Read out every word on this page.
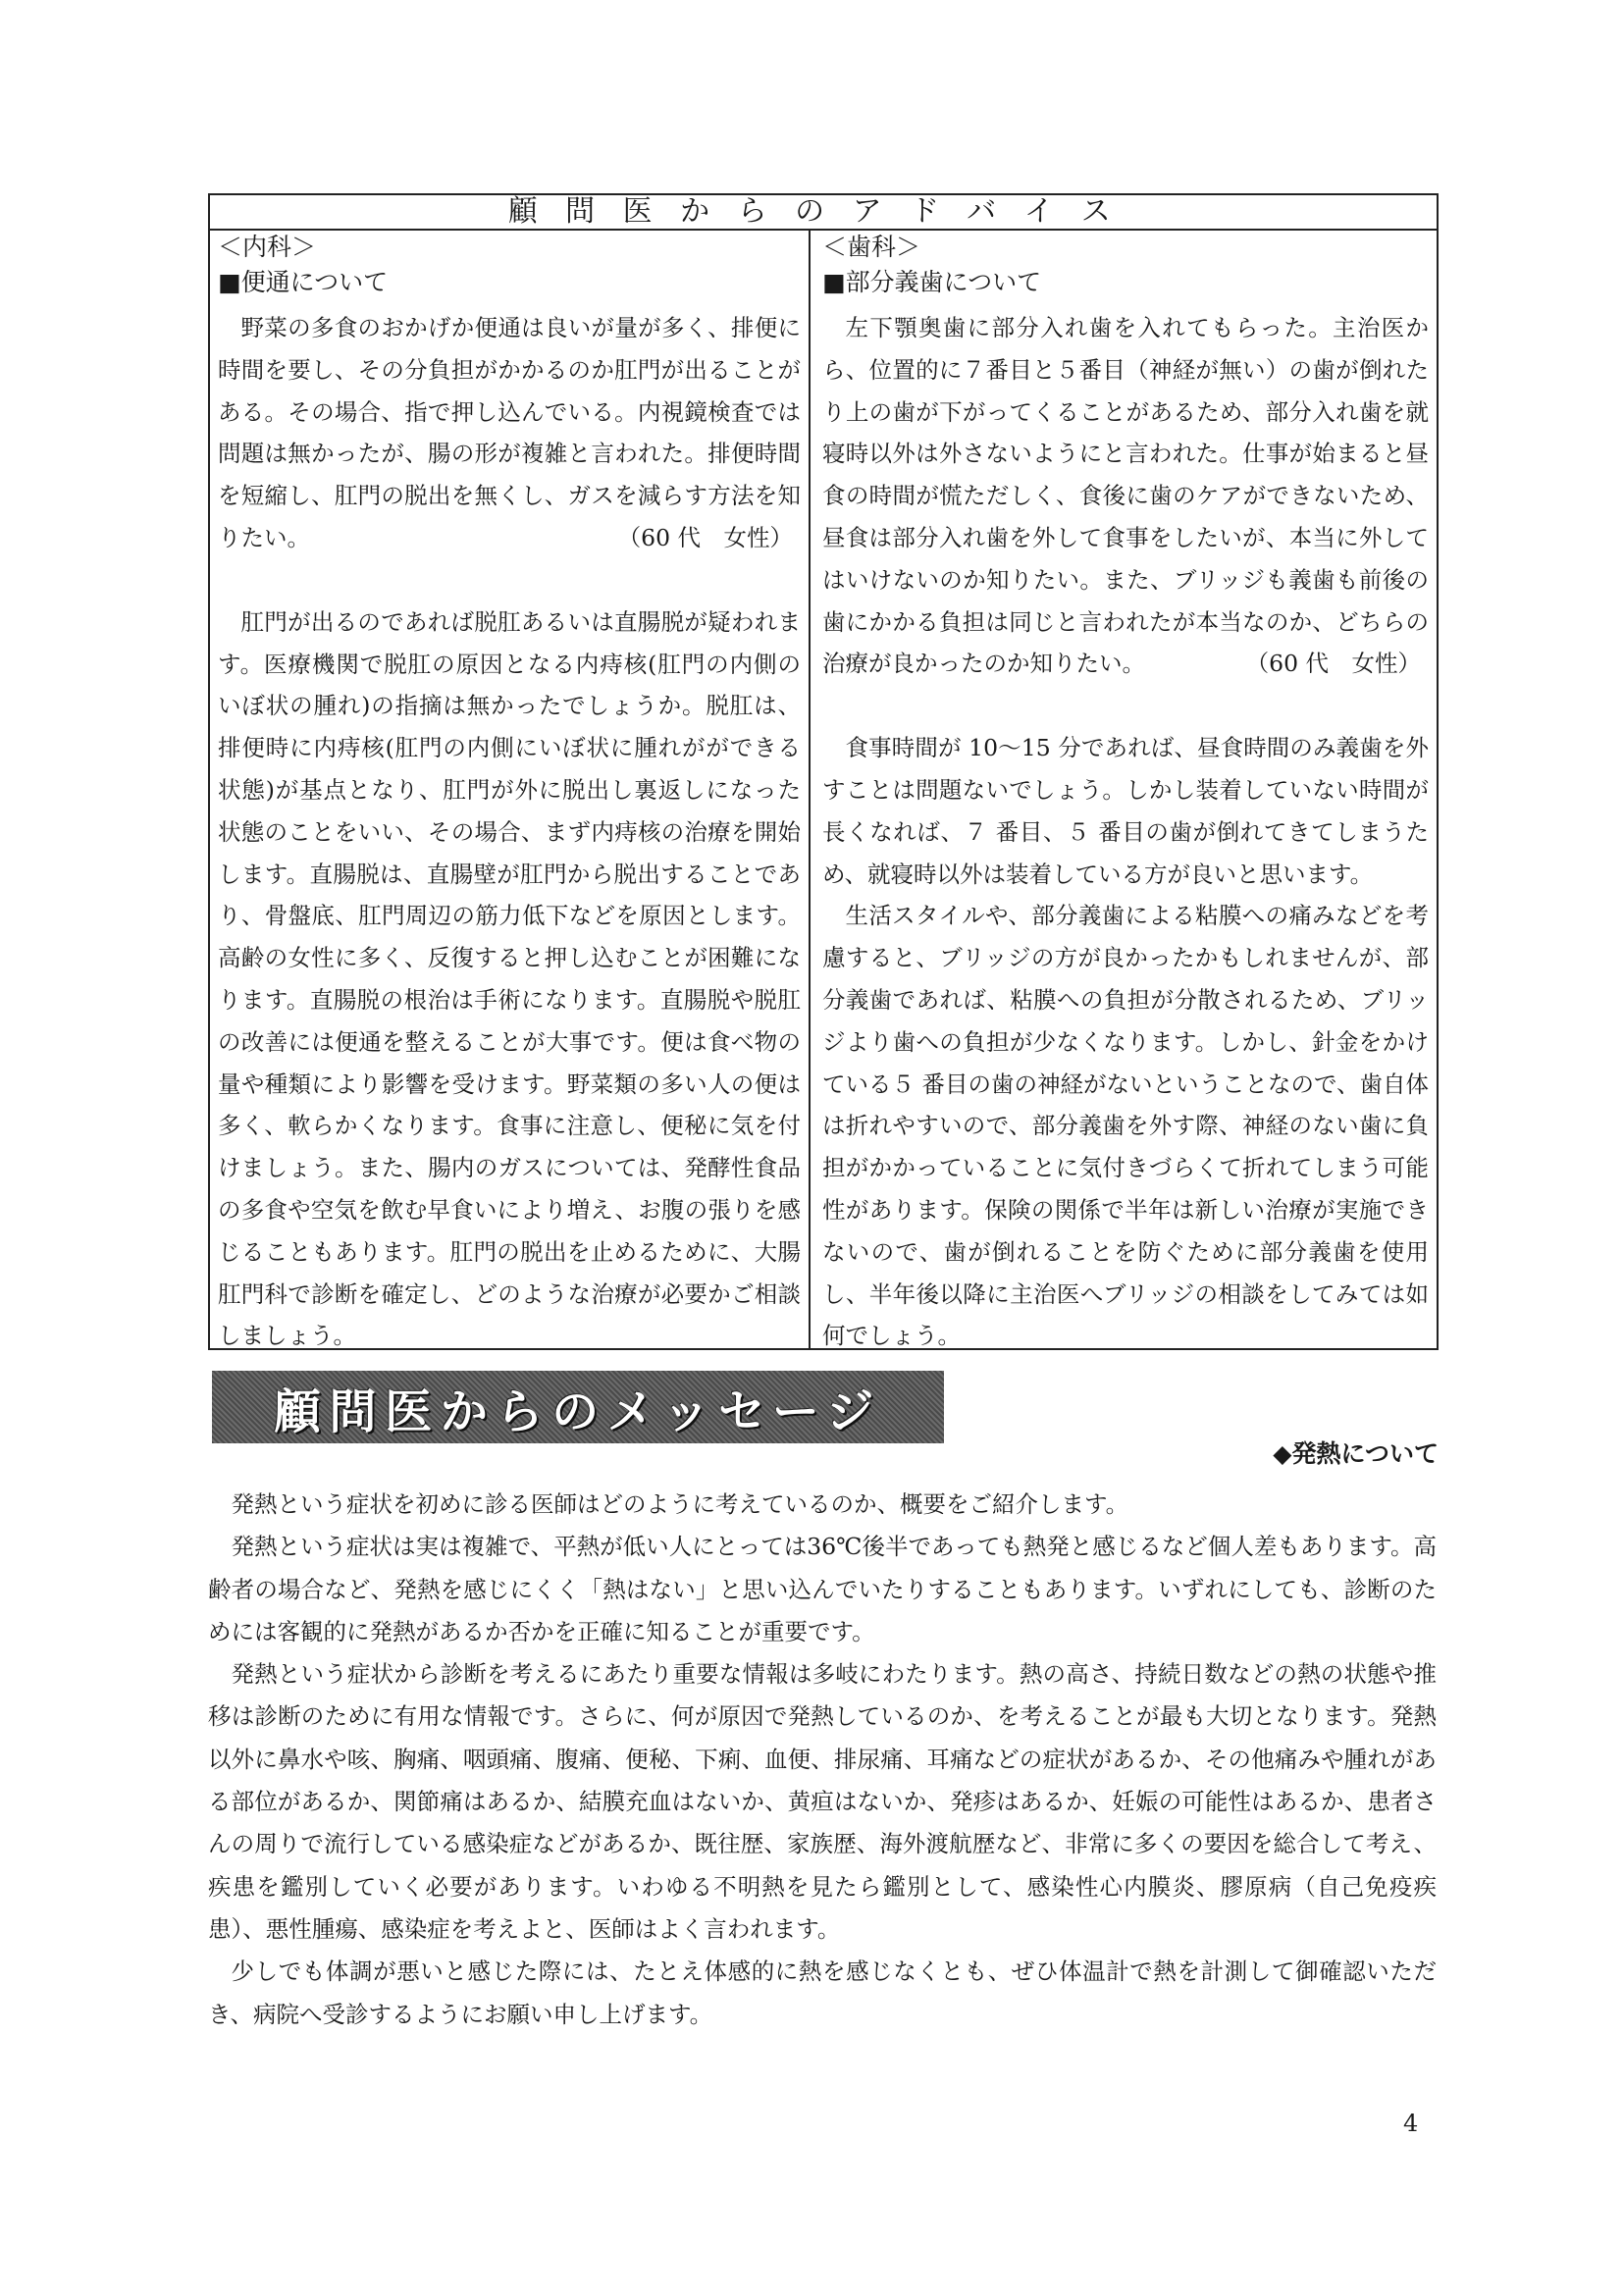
顧問医からのアドバイス
＜内科＞
■便通について

野菜の多食のおかげか便通は良いが量が多く、排便に時間を要し、その分負担がかかるのか肛門が出ることがある。その場合、指で押し込んでいる。内視鏡検査では問題は無かったが、腸の形が複雑と言われた。排便時間を短縮し、肛門の脱出を無くし、ガスを減らす方法を知りたい。	（60 代　女性）

肛門が出るのであれば脱肛あるいは直腸脱が疑われます。医療機関で脱肛の原因となる内痔核(肛門の内側のいぼ状の腫れ)の指摘は無かったでしょうか。脱肛は、排便時に内痔核(肛門の内側にいぼ状に腫れがができる状態)が基点となり、肛門が外に脱出し裏返しになった状態のことをいい、その場合、まず内痔核の治療を開始します。直腸脱は、直腸壁が肛門から脱出することであり、骨盤底、肛門周辺の筋力低下などを原因とします。高齢の女性に多く、反復すると押し込むことが困難になります。直腸脱の根治は手術になります。直腸脱や脱肛の改善には便通を整えることが大事です。便は食べ物の量や種類により影響を受けます。野菜類の多い人の便は多く、軟らかくなります。食事に注意し、便秘に気を付けましょう。また、腸内のガスについては、発酵性食品の多食や空気を飲む早食いにより増え、お腹の張りを感じることもあります。肛門の脱出を止めるために、大腸肛門科で診断を確定し、どのような治療が必要かご相談しましょう。

＜歯科＞
■部分義歯について

左下顎奥歯に部分入れ歯を入れてもらった。主治医から、位置的に７番目と５番目（神経が無い）の歯が倒れたり上の歯が下がってくることがあるため、部分入れ歯を就寝時以外は外さないようにと言われた。仕事が始まると昼食の時間が慌ただしく、食後に歯のケアができないため、昼食は部分入れ歯を外して食事をしたいが、本当に外してはいけないのか知りたい。また、ブリッジも義歯も前後の歯にかかる負担は同じと言われたが本当なのか、どちらの治療が良かったのか知りたい。	（60 代　女性）

食事時間が 10～15 分であれば、昼食時間のみ義歯を外すことは問題ないでしょう。しかし装着していない時間が長くなれば、７ 番目、５ 番目の歯が倒れてきてしまうため、就寝時以外は装着している方が良いと思います。

生活スタイルや、部分義歯による粘膜への痛みなどを考慮すると、ブリッジの方が良かったかもしれませんが、部分義歯であれば、粘膜への負担が分散されるため、ブリッジより歯への負担が少なくなります。しかし、針金をかけている５ 番目の歯の神経がないということなので、歯自体は折れやすいので、部分義歯を外す際、神経のない歯に負担がかかっていることに気付きづらくて折れてしまう可能性があります。保険の関係で半年は新しい治療が実施できないので、歯が倒れることを防ぐために部分義歯を使用し、半年後以降に主治医へブリッジの相談をしてみては如何でしょう。

顧問医からのメッセージ
◆発熱について

発熱という症状を初めに診る医師はどのように考えているのか、概要をご紹介します。

発熱という症状は実は複雑で、平熱が低い人にとっては36℃後半であっても熱発と感じるなど個人差もあります。高齢者の場合など、発熱を感じにくく「熱はない」と思い込んでいたりすることもあります。いずれにしても、診断のためには客観的に発熱があるか否かを正確に知ることが重要です。

発熱という症状から診断を考えるにあたり重要な情報は多岐にわたります。熱の高さ、持続日数などの熱の状態や推移は診断のために有用な情報です。さらに、何が原因で発熱しているのか、を考えることが最も大切となります。発熱以外に鼻水や咳、胸痛、咽頭痛、腹痛、便秘、下痢、血便、排尿痛、耳痛などの症状があるか、その他痛みや腫れがある部位があるか、関節痛はあるか、結膜充血はないか、黄疸はないか、発疹はあるか、妊娠の可能性はあるか、患者さんの周りで流行している感染症などがあるか、既往歴、家族歴、海外渡航歴など、非常に多くの要因を総合して考え、疾患を鑑別していく必要があります。いわゆる不明熱を見たら鑑別として、感染性心内膜炎、膠原病（自己免疫疾患）、悪性腫瘍、感染症を考えよと、医師はよく言われます。

少しでも体調が悪いと感じた際には、たとえ体感的に熱を感じなくとも、ぜひ体温計で熱を計測して御確認いただき、病院へ受診するようにお願い申し上げます。

4
